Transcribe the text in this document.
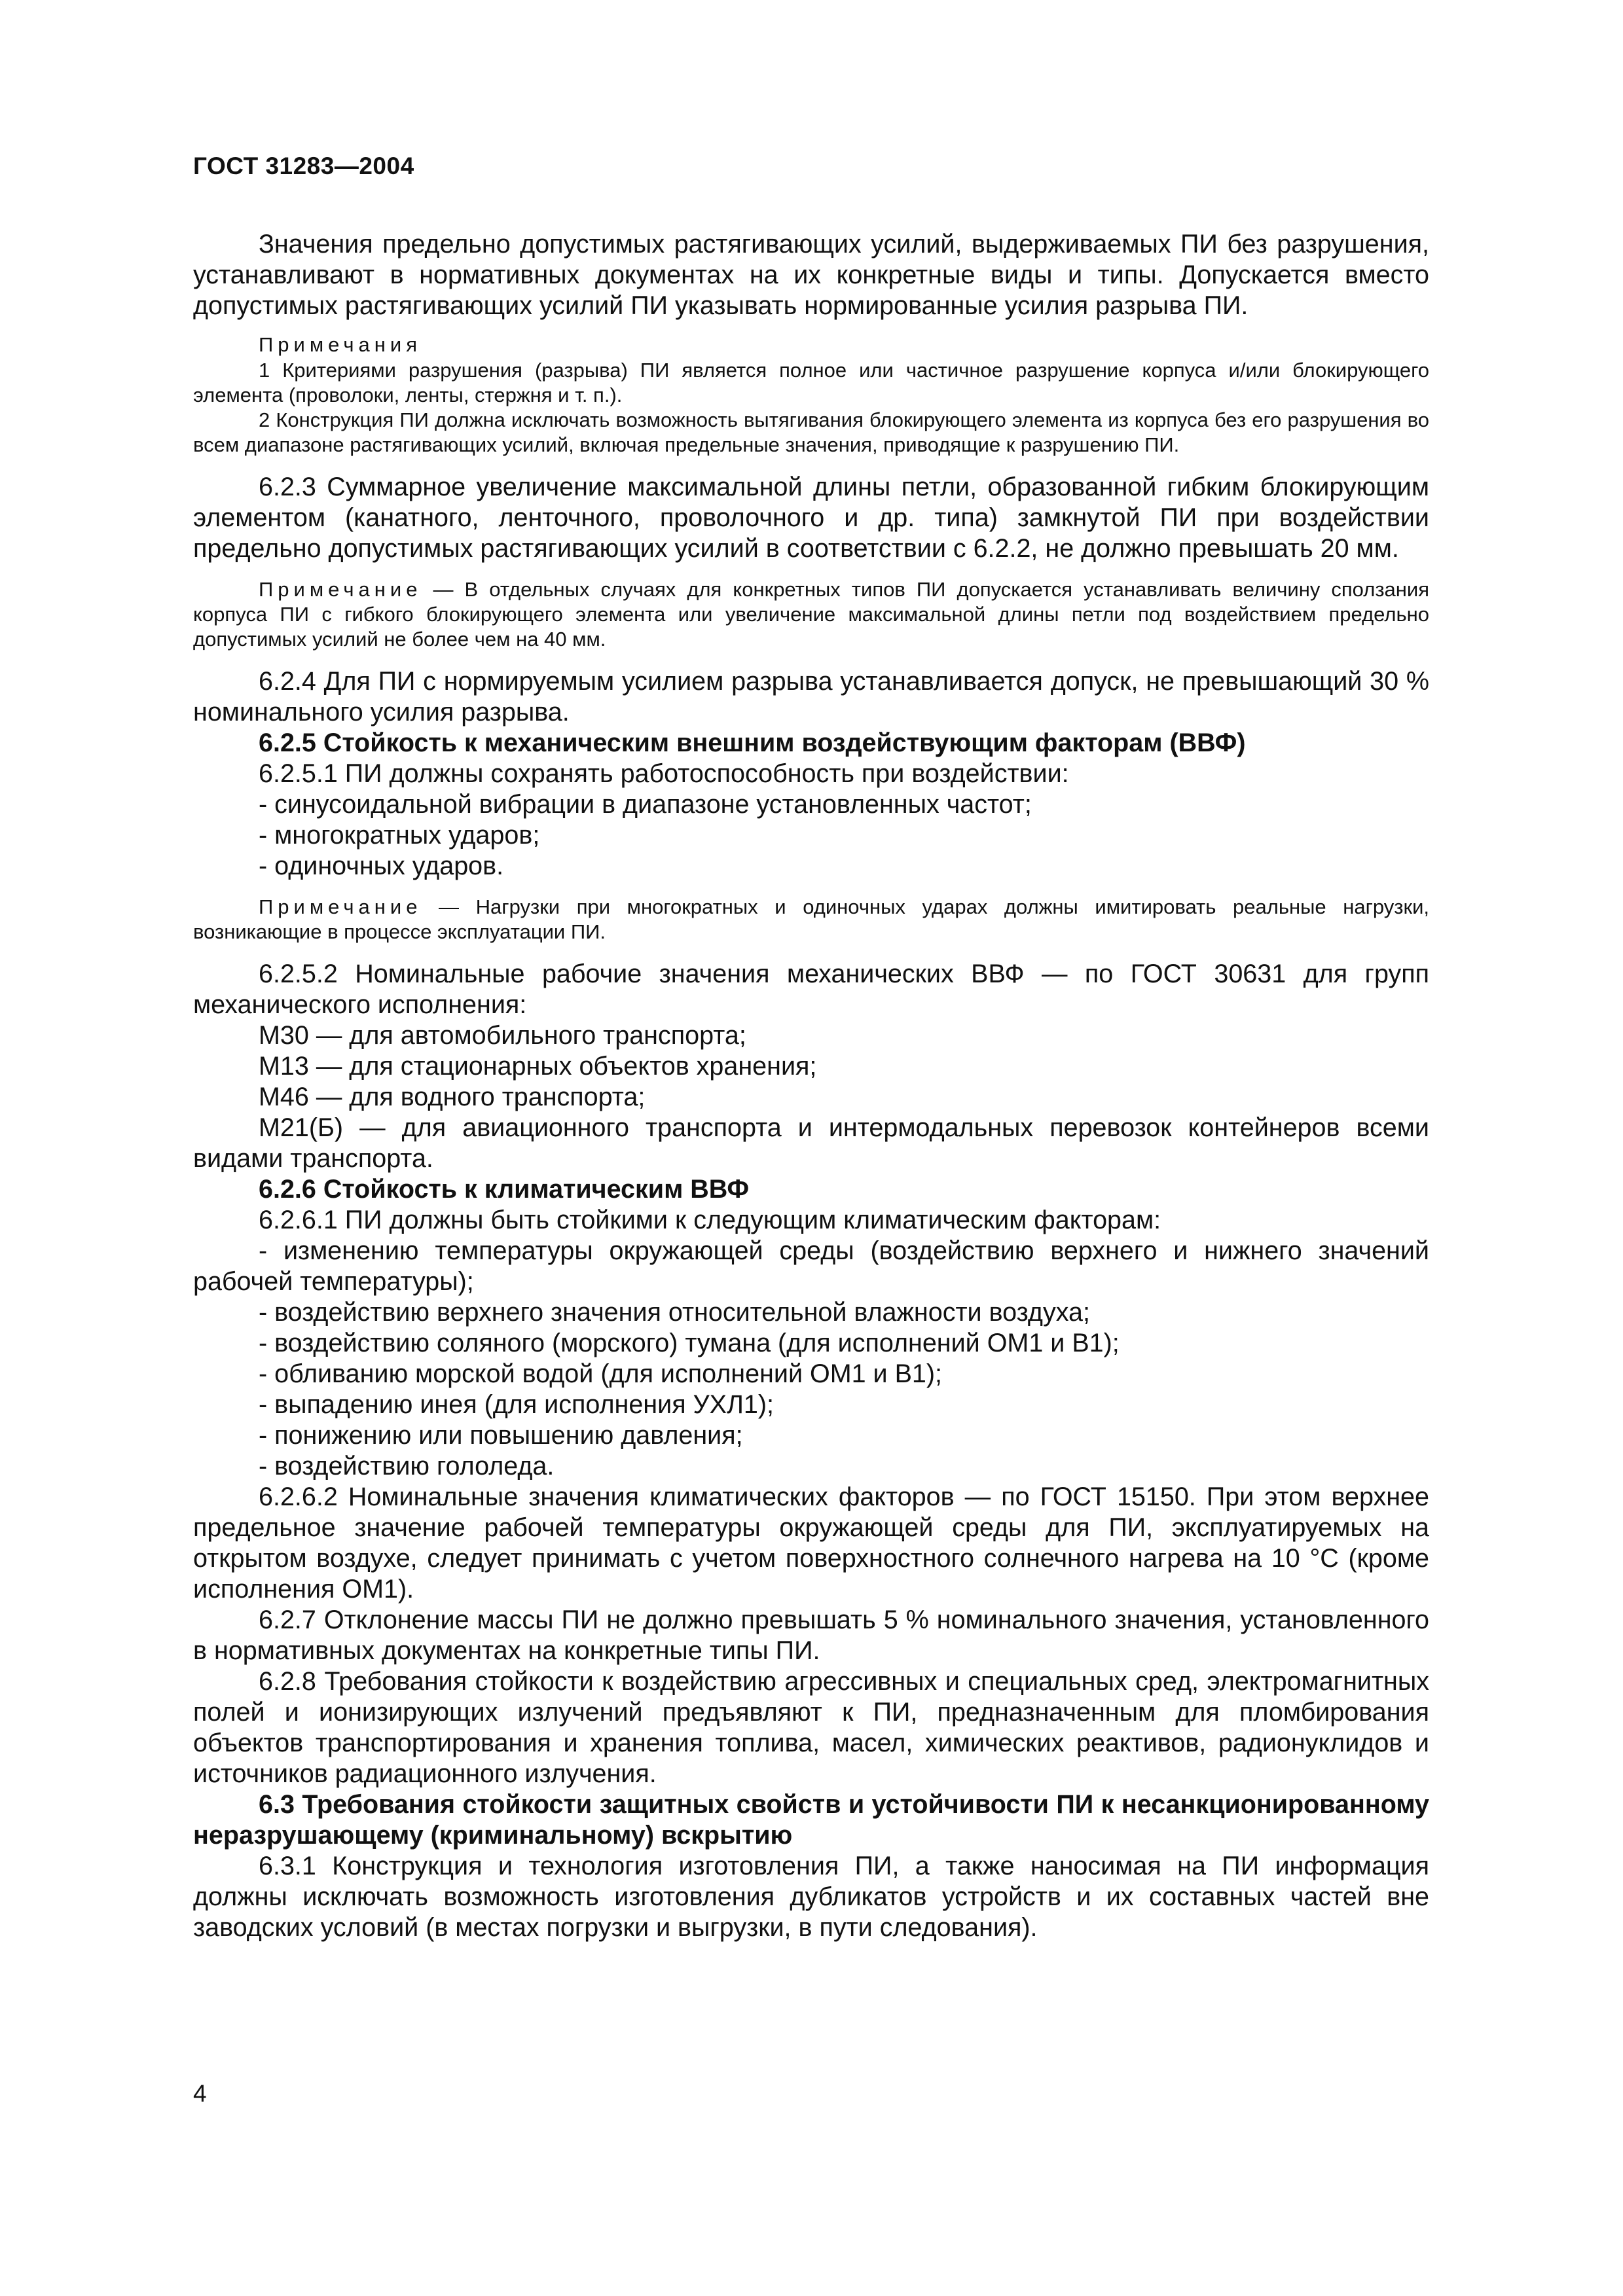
ГОСТ 31283—2004

Значения предельно допустимых растягивающих усилий, выдерживаемых ПИ без разрушения, устанавливают в нормативных документах на их конкретные виды и типы. Допускается вместо допустимых растягивающих усилий ПИ указывать нормированные усилия разрыва ПИ.

Примечания

1 Критериями разрушения (разрыва) ПИ является полное или частичное разрушение корпуса и/или блокирующего элемента (проволоки, ленты, стержня и т. п.).

2 Конструкция ПИ должна исключать возможность вытягивания блокирующего элемента из корпуса без его разрушения во всем диапазоне растягивающих усилий, включая предельные значения, приводящие к разрушению ПИ.

6.2.3 Суммарное увеличение максимальной длины петли, образованной гибким блокирующим элементом (канатного, ленточного, проволочного и др. типа) замкнутой ПИ при воздействии предельно допустимых растягивающих усилий в соответствии с 6.2.2, не должно превышать 20 мм.

Примечание — В отдельных случаях для конкретных типов ПИ допускается устанавливать величину сползания корпуса ПИ с гибкого блокирующего элемента или увеличение максимальной длины петли под воздействием предельно допустимых усилий не более чем на 40 мм.

6.2.4 Для ПИ с нормируемым усилием разрыва устанавливается допуск, не превышающий 30 % номинального усилия разрыва.

6.2.5 Стойкость к механическим внешним воздействующим факторам (ВВФ)

6.2.5.1 ПИ должны сохранять работоспособность при воздействии:

- синусоидальной вибрации в диапазоне установленных частот;
- многократных ударов;
- одиночных ударов.

Примечание — Нагрузки при многократных и одиночных ударах должны имитировать реальные нагрузки, возникающие в процессе эксплуатации ПИ.

6.2.5.2 Номинальные рабочие значения механических ВВФ — по ГОСТ 30631 для групп механического исполнения:

М30 — для автомобильного транспорта;
М13 — для стационарных объектов хранения;
М46 — для водного транспорта;

М21(Б) — для авиационного транспорта и интермодальных перевозок контейнеров всеми видами транспорта.

6.2.6 Стойкость к климатическим ВВФ

6.2.6.1 ПИ должны быть стойкими к следующим климатическим факторам:

- изменению температуры окружающей среды (воздействию верхнего и нижнего значений рабочей температуры);

- воздействию верхнего значения относительной влажности воздуха;
- воздействию соляного (морского) тумана (для исполнений ОМ1 и В1);
- обливанию морской водой (для исполнений ОМ1 и В1);
- выпадению инея (для исполнения УХЛ1);
- понижению или повышению давления;
- воздействию гололеда.

6.2.6.2 Номинальные значения климатических факторов — по ГОСТ 15150. При этом верхнее предельное значение рабочей температуры окружающей среды для ПИ, эксплуатируемых на открытом воздухе, следует принимать с учетом поверхностного солнечного нагрева на 10 °С (кроме исполнения ОМ1).

6.2.7 Отклонение массы ПИ не должно превышать 5 % номинального значения, установленного в нормативных документах на конкретные типы ПИ.

6.2.8 Требования стойкости к воздействию агрессивных и специальных сред, электромагнитных полей и ионизирующих излучений предъявляют к ПИ, предназначенным для пломбирования объектов транспортирования и хранения топлива, масел, химических реактивов, радионуклидов и источников радиационного излучения.

6.3 Требования стойкости защитных свойств и устойчивости ПИ к несанкционированному неразрушающему (криминальному) вскрытию

6.3.1 Конструкция и технология изготовления ПИ, а также наносимая на ПИ информация должны исключать возможность изготовления дубликатов устройств и их составных частей вне заводских условий (в местах погрузки и выгрузки, в пути следования).

4
